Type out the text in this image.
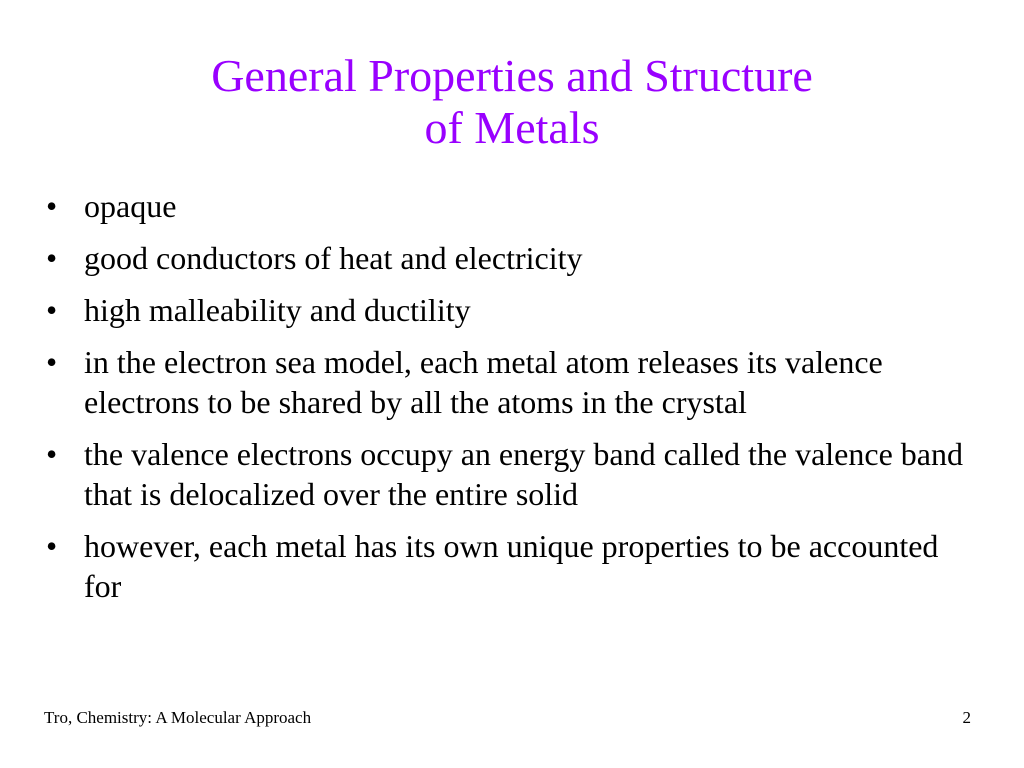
General Properties and Structure
of Metals
• opaque
• good conductors of heat and electricity
• high malleability and ductility
• in the electron sea model, each metal atom releases its valence electrons to be shared by all the atoms in the crystal
• the valence electrons occupy an energy band called the valence band that is delocalized over the entire solid
• however, each metal has its own unique properties to be accounted for
Tro, Chemistry: A Molecular Approach	2
